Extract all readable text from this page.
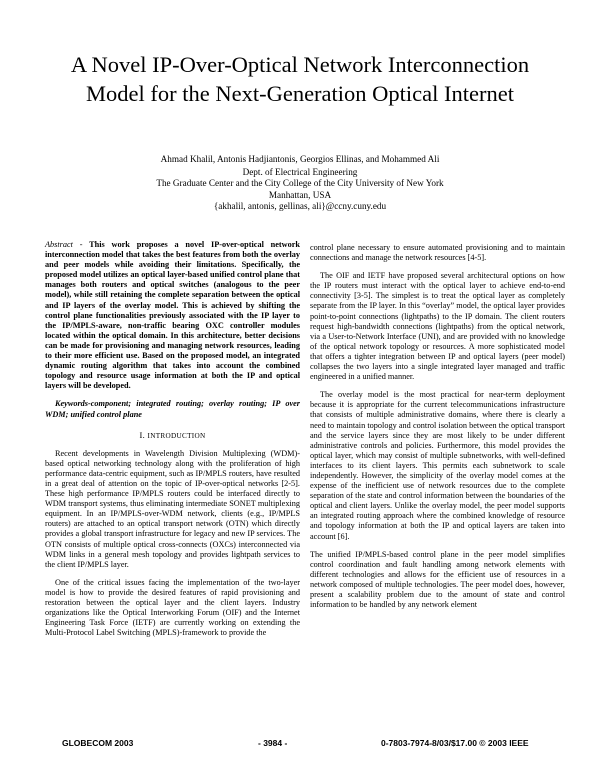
A Novel IP-Over-Optical Network Interconnection
Model for the Next-Generation Optical Internet
Ahmad Khalil, Antonis Hadjiantonis, Georgios Ellinas, and Mohammed Ali
Dept. of Electrical Engineering
The Graduate Center and the City College of the City University of New York
Manhattan, USA
{akhalil, antonis, gellinas, ali}@ccny.cuny.edu

Abstract - This work proposes a novel IP-over-optical network interconnection model that takes the best features from both the overlay and peer models while avoiding their limitations. Specifically, the proposed model utilizes an optical layer-based unified control plane that manages both routers and optical switches (analogous to the peer model), while still retaining the complete separation between the optical and IP layers of the overlay model. This is achieved by shifting the control plane functionalities previously associated with the IP layer to the IP/MPLS-aware, non-traffic bearing OXC controller modules located within the optical domain. In this architecture, better decisions can be made for provisioning and managing network resources, leading to their more efficient use. Based on the proposed model, an integrated dynamic routing algorithm that takes into account the combined topology and resource usage information at both the IP and optical layers will be developed.

Keywords-component; integrated routing; overlay routing; IP over WDM; unified control plane

I. INTRODUCTION

Recent developments in Wavelength Division Multiplexing (WDM)-based optical networking technology along with the proliferation of high performance data-centric equipment, such as IP/MPLS routers, have resulted in a great deal of attention on the topic of IP-over-optical networks [2-5]. These high performance IP/MPLS routers could be interfaced directly to WDM transport systems, thus eliminating intermediate SONET multiplexing equipment. In an IP/MPLS-over-WDM network, clients (e.g., IP/MPLS routers) are attached to an optical transport network (OTN) which directly provides a global transport infrastructure for legacy and new IP services. The OTN consists of multiple optical cross-connects (OXCs) interconnected via WDM links in a general mesh topology and provides lightpath services to the client IP/MPLS layer.

One of the critical issues facing the implementation of the two-layer model is how to provide the desired features of rapid provisioning and restoration between the optical layer and the client layers. Industry organizations like the Optical Interworking Forum (OIF) and the Internet Engineering Task Force (IETF) are currently working on extending the Multi-Protocol Label Switching (MPLS)-framework to provide the

control plane necessary to ensure automated provisioning and to maintain connections and manage the network resources [4-5].

The OIF and IETF have proposed several architectural options on how the IP routers must interact with the optical layer to achieve end-to-end connectivity [3-5]. The simplest is to treat the optical layer as completely separate from the IP layer. In this “overlay” model, the optical layer provides point-to-point connections (lightpaths) to the IP domain. The client routers request high-bandwidth connections (lightpaths) from the optical network, via a User-to-Network Interface (UNI), and are provided with no knowledge of the optical network topology or resources. A more sophisticated model that offers a tighter integration between IP and optical layers (peer model) collapses the two layers into a single integrated layer managed and traffic engineered in a unified manner.

The overlay model is the most practical for near-term deployment because it is appropriate for the current telecommunications infrastructure that consists of multiple administrative domains, where there is clearly a need to maintain topology and control isolation between the optical transport and the service layers since they are most likely to be under different administrative controls and policies. Furthermore, this model provides the optical layer, which may consist of multiple subnetworks, with well-defined interfaces to its client layers. This permits each subnetwork to scale independently. However, the simplicity of the overlay model comes at the expense of the inefficient use of network resources due to the complete separation of the state and control information between the boundaries of the optical and client layers. Unlike the overlay model, the peer model supports an integrated routing approach where the combined knowledge of resource and topology information at both the IP and optical layers are taken into account [6].

The unified IP/MPLS-based control plane in the peer model simplifies control coordination and fault handling among network elements with different technologies and allows for the efficient use of resources in a network composed of multiple technologies. The peer model does, however, present a scalability problem due to the amount of state and control information to be handled by any network element

GLOBECOM 2003	- 3984 -	0-7803-7974-8/03/$17.00 © 2003 IEEE
